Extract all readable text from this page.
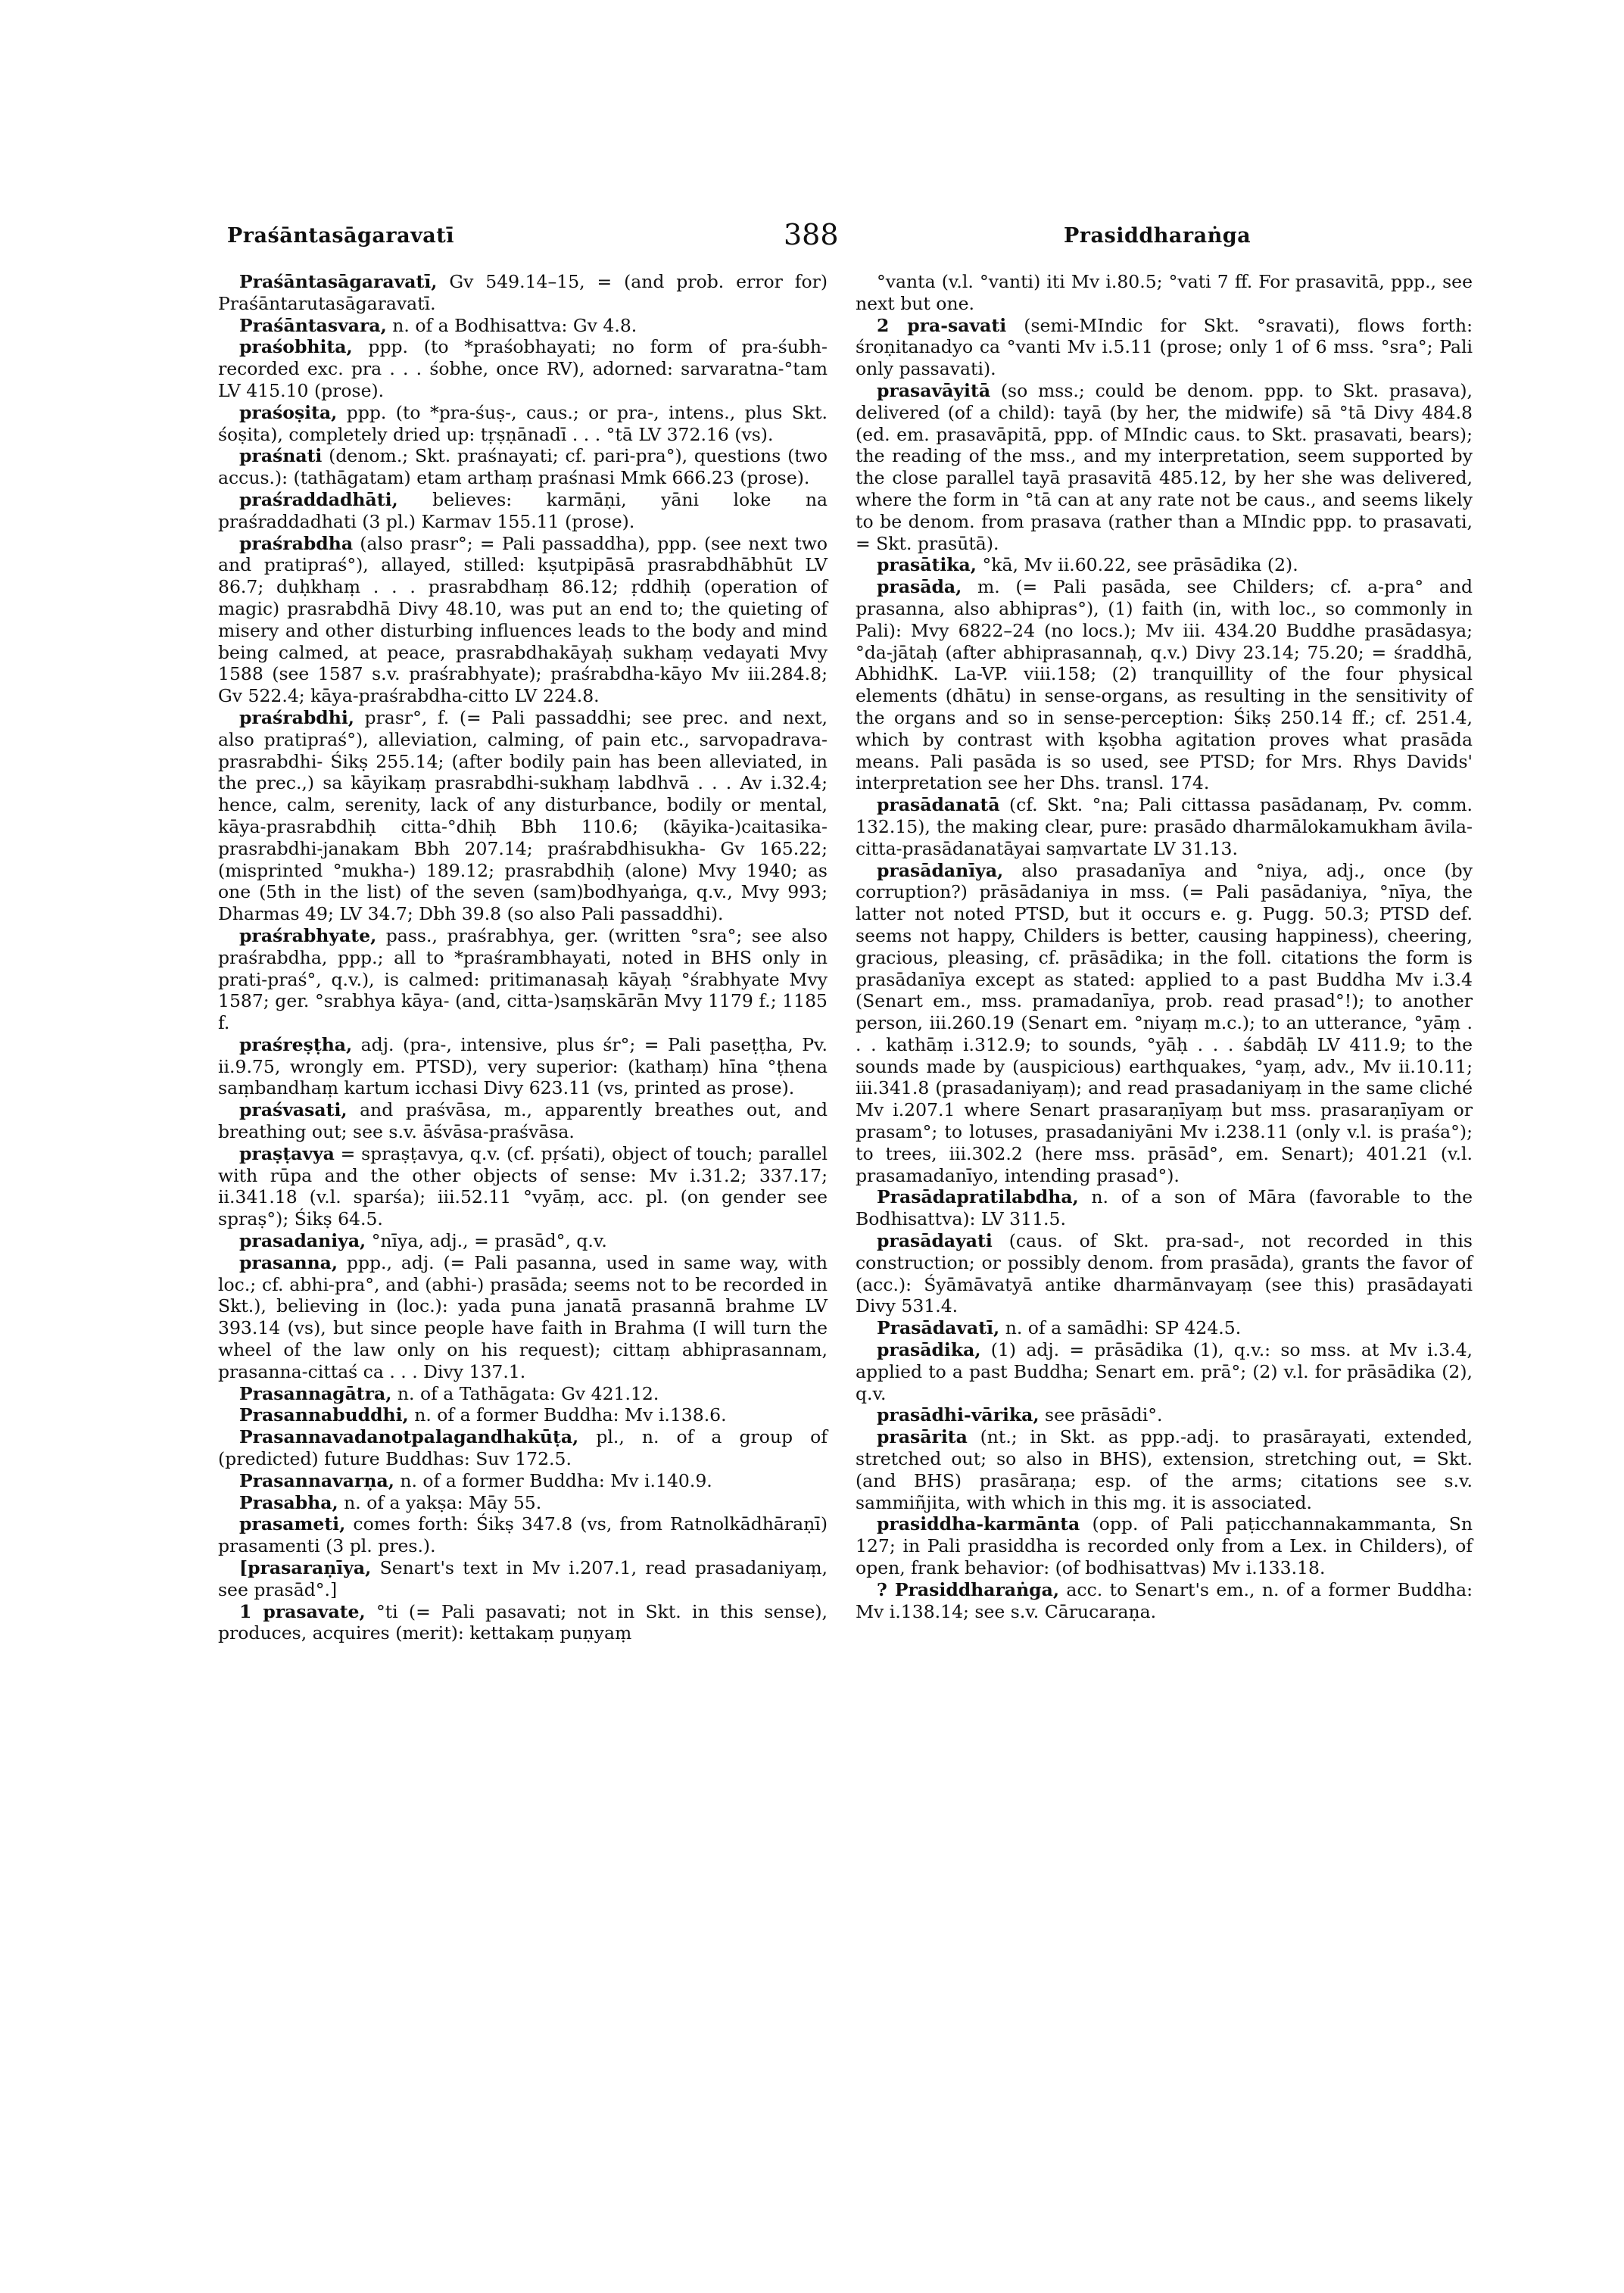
Praśāntasāgaravatī	388	Prasiddharaṅga

Praśāntasāgaravatī, Gv 549.14–15, = (and prob. error for) Praśāntarutasāgaravatī.

Praśāntasvara, n. of a Bodhisattva: Gv 4.8.

praśobhita, ppp. (to *praśobhayati; no form of pra-śubh- recorded exc. pra . . . śobhe, once RV), adorned: sarvaratna-°tam LV 415.10 (prose).

praśoṣita, ppp. (to *pra-śuṣ-, caus.; or pra-, intens., plus Skt. śoṣita), completely dried up: tṛṣṇānadī . . . °tā LV 372.16 (vs).

praśnati (denom.; Skt. praśnayati; cf. pari-pra°), questions (two accus.): (tathāgatam) etam arthaṃ praśnasi Mmk 666.23 (prose).

praśraddadhāti, believes: karmāṇi, yāni loke na praśraddadhati (3 pl.) Karmav 155.11 (prose).

praśrabdha (also prasr°; = Pali passaddha), ppp. (see next two and pratipraś°), allayed, stilled: kṣutpipāsā prasrabdhābhūt LV 86.7; duḥkhaṃ . . . prasrabdhaṃ 86.12; ṛddhiḥ (operation of magic) prasrabdhā Divy 48.10, was put an end to; the quieting of misery and other disturbing influences leads to the body and mind being calmed, at peace, prasrabdhakāyaḥ sukhaṃ vedayati Mvy 1588 (see 1587 s.v. praśrabhyate); praśrabdha-kāyo Mv iii.284.8; Gv 522.4; kāya-praśrabdha-citto LV 224.8.

praśrabdhi, prasr°, f. (= Pali passaddhi; see prec. and next, also pratipraś°), alleviation, calming, of pain etc., sarvopadrava-prasrabdhi- Śikṣ 255.14; (after bodily pain has been alleviated, in the prec.,) sa kāyikaṃ prasrabdhi-sukhaṃ labdhvā . . . Av i.32.4; hence, calm, serenity, lack of any disturbance, bodily or mental, kāya-prasrabdhiḥ citta-°dhiḥ Bbh 110.6; (kāyika-)caitasika-prasrabdhi-janakam Bbh 207.14; praśrabdhisukha- Gv 165.22; (misprinted °mukha-) 189.12; prasrabdhiḥ (alone) Mvy 1940; as one (5th in the list) of the seven (sam)bodhyaṅga, q.v., Mvy 993; Dharmas 49; LV 34.7; Dbh 39.8 (so also Pali passaddhi).

praśrabhyate, pass., praśrabhya, ger. (written °sra°; see also praśrabdha, ppp.; all to *praśrambhayati, noted in BHS only in prati-praś°, q.v.), is calmed: pritimanasaḥ kāyaḥ °śrabhyate Mvy 1587; ger. °srabhya kāya- (and, citta-)saṃskārān Mvy 1179 f.; 1185 f.

praśreṣṭha, adj. (pra-, intensive, plus śr°; = Pali paseṭṭha, Pv. ii.9.75, wrongly em. PTSD), very superior: (kathaṃ) hīna °ṭhena saṃbandhaṃ kartum icchasi Divy 623.11 (vs, printed as prose).

praśvasati, and praśvāsa, m., apparently breathes out, and breathing out; see s.v. āśvāsa-praśvāsa.

praṣṭavya = spraṣṭavya, q.v. (cf. pṛśati), object of touch; parallel with rūpa and the other objects of sense: Mv i.31.2; 337.17; ii.341.18 (v.l. sparśa); iii.52.11 °vyāṃ, acc. pl. (on gender see spraṣ°); Śikṣ 64.5.

prasadaniya, °nīya, adj., = prasād°, q.v.

prasanna, ppp., adj. (= Pali pasanna, used in same way, with loc.; cf. abhi-pra°, and (abhi-) prasāda; seems not to be recorded in Skt.), believing in (loc.): yada puna janatā prasannā brahme LV 393.14 (vs), but since people have faith in Brahma (I will turn the wheel of the law only on his request); cittaṃ abhiprasannam, prasanna-cittaś ca . . . Divy 137.1.

Prasannagātra, n. of a Tathāgata: Gv 421.12.

Prasannabuddhi, n. of a former Buddha: Mv i.138.6.

Prasannavadanotpalagandhakūṭa, pl., n. of a group of (predicted) future Buddhas: Suv 172.5.

Prasannavarṇa, n. of a former Buddha: Mv i.140.9.

Prasabha, n. of a yakṣa: Māy 55.

prasameti, comes forth: Śikṣ 347.8 (vs, from Ratnolkādhāraṇī) prasamenti (3 pl. pres.).

[prasaraṇīya, Senart's text in Mv i.207.1, read prasadaniyaṃ, see prasād°.]

1 prasavate, °ti (= Pali pasavati; not in Skt. in this sense), produces, acquires (merit): kettakaṃ puṇyaṃ

°vanta (v.l. °vanti) iti Mv i.80.5; °vati 7 ff. For prasavitā, ppp., see next but one.

2 pra-savati (semi-MIndic for Skt. °sravati), flows forth: śroṇitanadyo ca °vanti Mv i.5.11 (prose; only 1 of 6 mss. °sra°; Pali only passavati).

prasavāyitā (so mss.; could be denom. ppp. to Skt. prasava), delivered (of a child): tayā (by her, the midwife) sā °tā Divy 484.8 (ed. em. prasavāpitā, ppp. of MIndic caus. to Skt. prasavati, bears); the reading of the mss., and my interpretation, seem supported by the close parallel tayā prasavitā 485.12, by her she was delivered, where the form in °tā can at any rate not be caus., and seems likely to be denom. from prasava (rather than a MIndic ppp. to prasavati, = Skt. prasūtā).

prasātika, °kā, Mv ii.60.22, see prāsādika (2).

prasāda, m. (= Pali pasāda, see Childers; cf. a-pra° and prasanna, also abhipras°), (1) faith (in, with loc., so commonly in Pali): Mvy 6822–24 (no locs.); Mv iii. 434.20 Buddhe prasādasya; °da-jātaḥ (after abhiprasannaḥ, q.v.) Divy 23.14; 75.20; = śraddhā, AbhidhK. La-VP. viii.158; (2) tranquillity of the four physical elements (dhātu) in sense-organs, as resulting in the sensitivity of the organs and so in sense-perception: Śikṣ 250.14 ff.; cf. 251.4, which by contrast with kṣobha agitation proves what prasāda means. Pali pasāda is so used, see PTSD; for Mrs. Rhys Davids' interpretation see her Dhs. transl. 174.

prasādanatā (cf. Skt. °na; Pali cittassa pasādanaṃ, Pv. comm. 132.15), the making clear, pure: prasādo dharmālokamukham āvila-citta-prasādanatāyai saṃvartate LV 31.13.

prasādanīya, also prasadanīya and °niya, adj., once (by corruption?) prāsādaniya in mss. (= Pali pasādaniya, °nīya, the latter not noted PTSD, but it occurs e. g. Pugg. 50.3; PTSD def. seems not happy, Childers is better, causing happiness), cheering, gracious, pleasing, cf. prāsādika; in the foll. citations the form is prasādanīya except as stated: applied to a past Buddha Mv i.3.4 (Senart em., mss. pramadanīya, prob. read prasad°!); to another person, iii.260.19 (Senart em. °niyaṃ m.c.); to an utterance, °yāṃ . . . kathāṃ i.312.9; to sounds, °yāḥ . . . śabdāḥ LV 411.9; to the sounds made by (auspicious) earthquakes, °yaṃ, adv., Mv ii.10.11; iii.341.8 (prasadaniyaṃ); and read prasadaniyaṃ in the same cliché Mv i.207.1 where Senart prasaraṇīyaṃ but mss. prasaraṇīyam or prasam°; to lotuses, prasadaniyāni Mv i.238.11 (only v.l. is praśa°); to trees, iii.302.2 (here mss. prāsād°, em. Senart); 401.21 (v.l. prasamadanīyo, intending prasad°).

Prasādapratilabdha, n. of a son of Māra (favorable to the Bodhisattva): LV 311.5.

prasādayati (caus. of Skt. pra-sad-, not recorded in this construction; or possibly denom. from prasāda), grants the favor of (acc.): Śyāmāvatyā antike dharmānvayaṃ (see this) prasādayati Divy 531.4.

Prasādavatī, n. of a samādhi: SP 424.5.

prasādika, (1) adj. = prāsādika (1), q.v.: so mss. at Mv i.3.4, applied to a past Buddha; Senart em. prā°; (2) v.l. for prāsādika (2), q.v.

prasādhi-vārika, see prāsādi°.

prasārita (nt.; in Skt. as ppp.-adj. to prasārayati, extended, stretched out; so also in BHS), extension, stretching out, = Skt. (and BHS) prasāraṇa; esp. of the arms; citations see s.v. sammiñjita, with which in this mg. it is associated.

prasiddha-karmānta (opp. of Pali paṭicchannakammanta, Sn 127; in Pali prasiddha is recorded only from a Lex. in Childers), of open, frank behavior: (of bodhisattvas) Mv i.133.18.

? Prasiddharaṅga, acc. to Senart's em., n. of a former Buddha: Mv i.138.14; see s.v. Cārucaraṇa.
